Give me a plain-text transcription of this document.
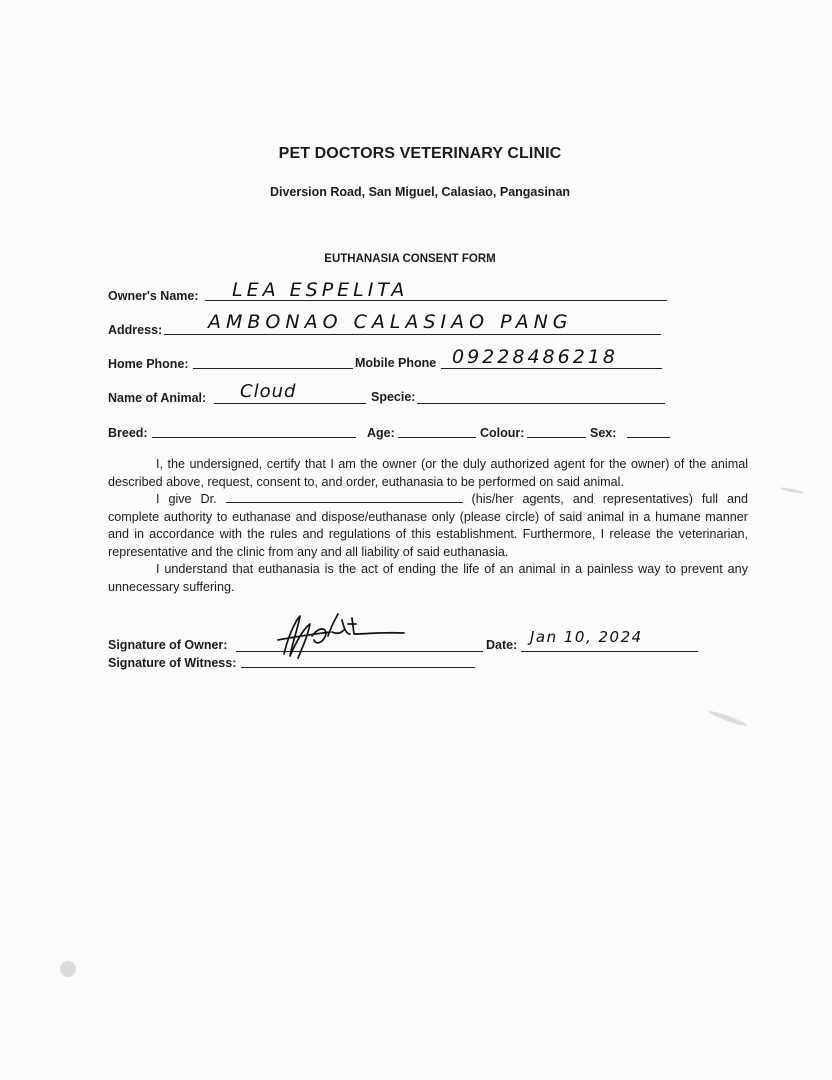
PET DOCTORS VETERINARY CLINIC
Diversion Road, San Miguel, Calasiao, Pangasinan
EUTHANASIA CONSENT FORM
Owner's Name: LEA ESPELITA
Address: AMBONAO CALASIAO PANG
Home Phone:	Mobile Phone 09228486218
Name of Animal: Cloud	Specie:
Breed:	Age:	Colour:	Sex:

I, the undersigned, certify that I am the owner (or the duly authorized agent for the owner) of the animal described above, request, consent to, and order, euthanasia to be performed on said animal.

I give Dr.	(his/her agents, and representatives) full and

complete authority to euthanase and dispose/euthanase only (please circle) of said animal in a humane manner and in accordance with the rules and regulations of this establishment. Furthermore, I release the veterinarian, representative and the clinic from any and all liability of said euthanasia.

I understand that euthanasia is the act of ending the life of an animal in a painless way to prevent any unnecessary suffering.

Signature of Owner:	Date: Jan 10, 2024
Signature of Witness:
